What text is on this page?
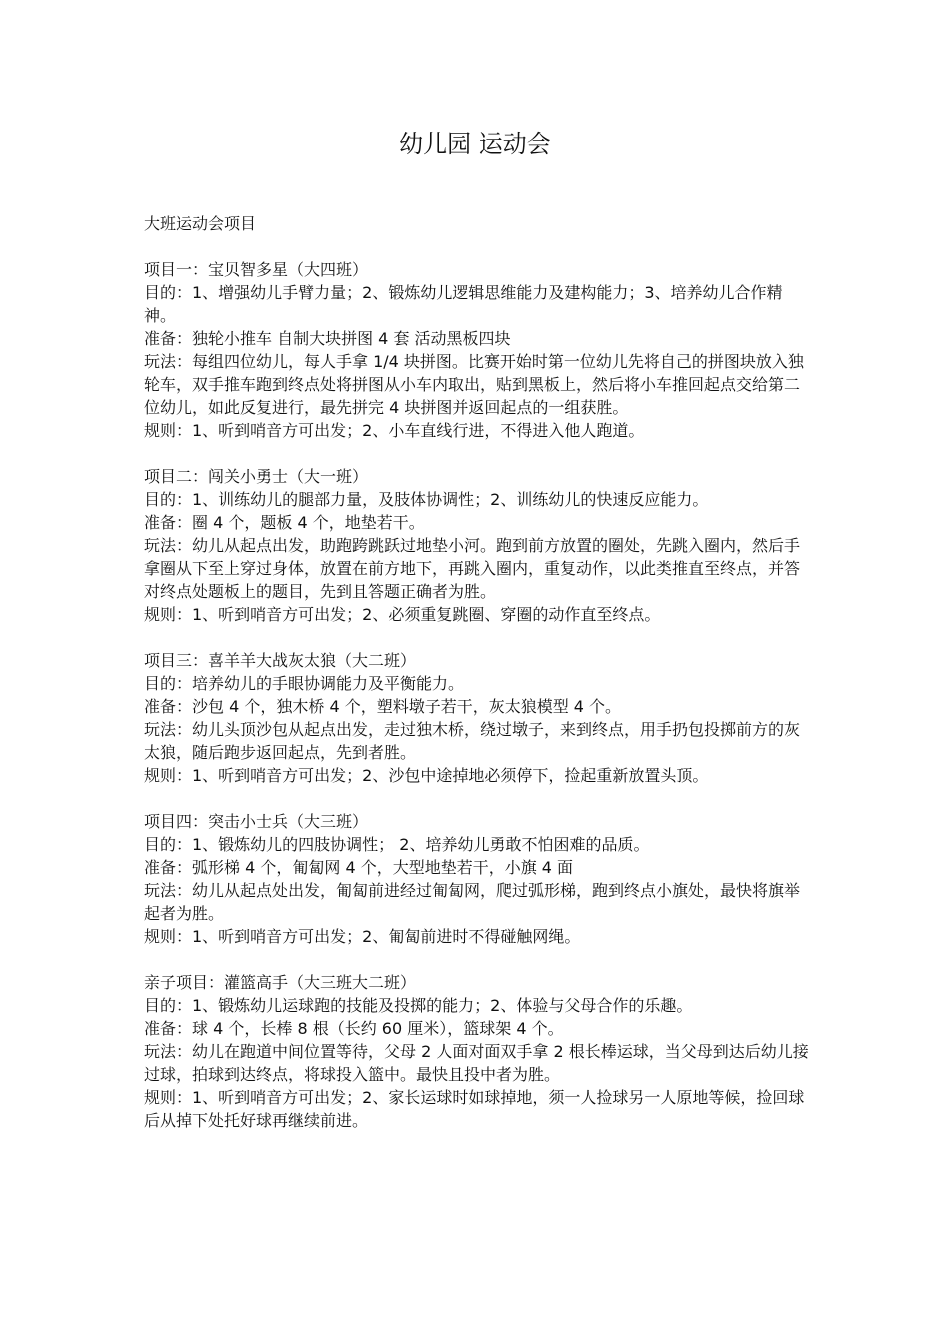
幼儿园 运动会

大班运动会项目

项目一：宝贝智多星（大四班）

目的：1、增强幼儿手臂力量；2、锻炼幼儿逻辑思维能力及建构能力；3、培养幼儿合作精神。

准备：独轮小推车 自制大块拼图 4 套 活动黑板四块

玩法：每组四位幼儿，每人手拿 1/4 块拼图。比赛开始时第一位幼儿先将自己的拼图块放入独轮车，双手推车跑到终点处将拼图从小车内取出，贴到黑板上，然后将小车推回起点交给第二位幼儿，如此反复进行，最先拼完 4 块拼图并返回起点的一组获胜。

规则：1、听到哨音方可出发；2、小车直线行进，不得进入他人跑道。

项目二：闯关小勇士（大一班）

目的：1、训练幼儿的腿部力量，及肢体协调性；2、训练幼儿的快速反应能力。

准备：圈 4 个，题板 4 个，地垫若干。

玩法：幼儿从起点出发，助跑跨跳跃过地垫小河。跑到前方放置的圈处，先跳入圈内，然后手拿圈从下至上穿过身体，放置在前方地下，再跳入圈内，重复动作，以此类推直至终点，并答对终点处题板上的题目，先到且答题正确者为胜。

规则：1、听到哨音方可出发；2、必须重复跳圈、穿圈的动作直至终点。

项目三：喜羊羊大战灰太狼（大二班）

目的：培养幼儿的手眼协调能力及平衡能力。

准备：沙包 4 个，独木桥 4 个，塑料墩子若干，灰太狼模型 4 个。

玩法：幼儿头顶沙包从起点出发，走过独木桥，绕过墩子，来到终点，用手扔包投掷前方的灰太狼，随后跑步返回起点，先到者胜。

规则：1、听到哨音方可出发；2、沙包中途掉地必须停下，捡起重新放置头顶。

项目四：突击小士兵（大三班）

目的：1、锻炼幼儿的四肢协调性； 2、培养幼儿勇敢不怕困难的品质。

准备：弧形梯 4 个，匍匐网 4 个，大型地垫若干，小旗 4 面

玩法：幼儿从起点处出发，匍匐前进经过匍匐网，爬过弧形梯，跑到终点小旗处，最快将旗举起者为胜。

规则：1、听到哨音方可出发；2、匍匐前进时不得碰触网绳。

亲子项目：灌篮高手（大三班大二班）

目的：1、锻炼幼儿运球跑的技能及投掷的能力；2、体验与父母合作的乐趣。

准备：球 4 个，长棒 8 根（长约 60 厘米），篮球架 4 个。

玩法：幼儿在跑道中间位置等待，父母 2 人面对面双手拿 2 根长棒运球，当父母到达后幼儿接过球，拍球到达终点，将球投入篮中。最快且投中者为胜。

规则：1、听到哨音方可出发；2、家长运球时如球掉地，须一人捡球另一人原地等候，捡回球后从掉下处托好球再继续前进。
